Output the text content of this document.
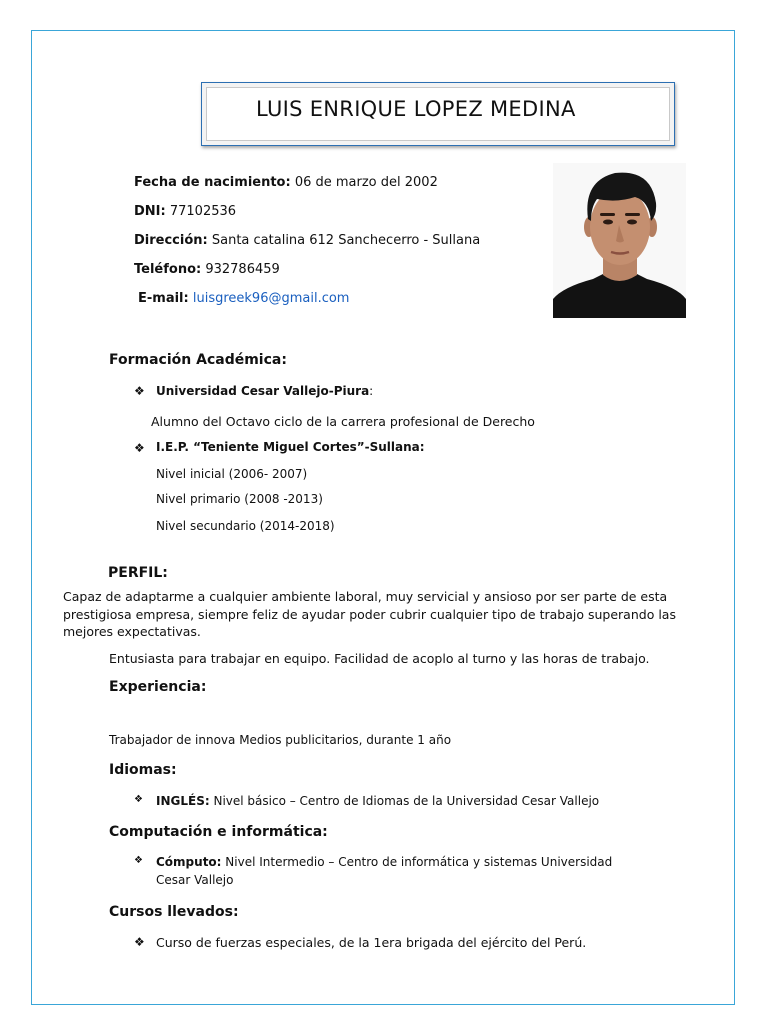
LUIS ENRIQUE LOPEZ MEDINA
Fecha de nacimiento: 06 de marzo del 2002
DNI: 77102536
Dirección: Santa catalina 612 Sanchecerro - Sullana
Teléfono: 932786459
E-mail: luisgreek96@gmail.com
Formación Académica:
❖ Universidad Cesar Vallejo-Piura:
Alumno del Octavo ciclo de la carrera profesional de Derecho
❖ I.E.P. “Teniente Miguel Cortes”-Sullana:
Nivel inicial (2006- 2007)
Nivel primario (2008 -2013)
Nivel secundario (2014-2018)
PERFIL:
Capaz de adaptarme a cualquier ambiente laboral, muy servicial y ansioso por ser parte de esta prestigiosa empresa, siempre feliz de ayudar poder cubrir cualquier tipo de trabajo superando las mejores expectativas.
Entusiasta para trabajar en equipo. Facilidad de acoplo al turno y las horas de trabajo.
Experiencia:
Trabajador de innova Medios publicitarios, durante 1 año
Idiomas:
❖ INGLÉS: Nivel básico – Centro de Idiomas de la Universidad Cesar Vallejo
Computación e informática:
❖ Cómputo: Nivel Intermedio – Centro de informática y sistemas Universidad
Cesar Vallejo
Cursos llevados:
❖ Curso de fuerzas especiales, de la 1era brigada del ejército del Perú.
